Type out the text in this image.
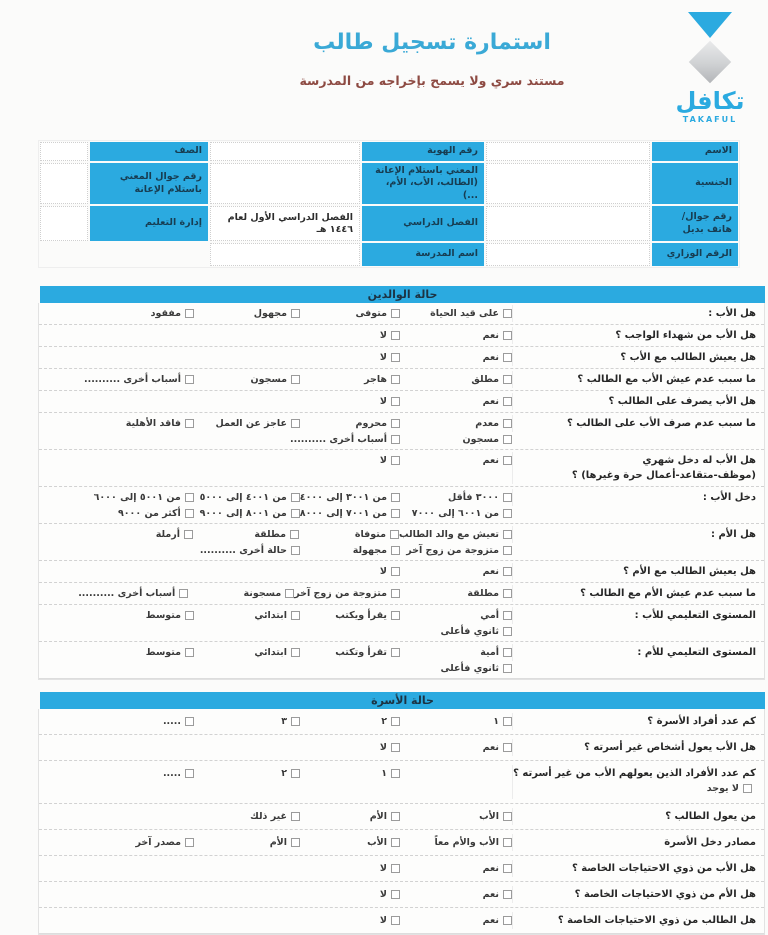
تكافل
TAKAFUL
استمارة تسجيل طالب
مستند سري ولا يسمح بإخراجه من المدرسة
الاسم
رقم الهوية
الصف
الجنسية
المعني باستلام الإعانة (الطالب، الأب، الأم، ...)
رقم جوال المعني باستلام الإعانة
رقم جوال/هاتف بديل
الفصل الدراسي
الفصل الدراسي الأول لعام ١٤٤٦ هـ
إدارة التعليم
الرقم الوزاري
اسم المدرسة
حالة الوالدين
هل الأب :
على قيد الحياة
متوفى
مجهول
مفقود
هل الأب من شهداء الواجب ؟
نعم
لا

هل يعيش الطالب مع الأب ؟
نعم
لا

ما سبب عدم عيش الأب مع الطالب ؟
مطلق
هاجر
مسجون
أسباب أخرى ..........
هل الأب يصرف على الطالب ؟
نعم
لا

ما سبب عدم صرف الأب على الطالب ؟
معدم
محروم
عاجز عن العمل
فاقد الأهلية
مسجون
أسباب أخرى ..........

هل الأب له دخل شهري
(موظف-متقاعد-أعمال حرة وغيرها) ؟
نعم
لا

دخل الأب :
٣٠٠٠ فأقل
من ٣٠٠١ إلى ٤٠٠٠
من ٤٠٠١ إلى ٥٠٠٠
من ٥٠٠١ إلى ٦٠٠٠
من ٦٠٠١ إلى ٧٠٠٠
من ٧٠٠١ إلى ٨٠٠٠
من ٨٠٠١ إلى ٩٠٠٠
أكثر من ٩٠٠٠
هل الأم :
تعيش مع والد الطالب
متوفاة
مطلقة
أرملة
متزوجة من زوج آخر
مجهولة
حالة أخرى ..........

هل يعيش الطالب مع الأم ؟
نعم
لا

ما سبب عدم عيش الأم مع الطالب ؟
مطلقة
متزوجة من زوج آخر
مسجونة
أسباب أخرى ..........
المستوى التعليمي للأب :
أمي
يقرأ ويكتب
ابتدائي
متوسط
ثانوي فأعلى

المستوى التعليمي للأم :
أمية
تقرأ وتكتب
ابتدائي
متوسط
ثانوي فأعلى

حالة الأسرة
كم عدد أفراد الأسرة ؟
١
٢
٣
.....
هل الأب يعول أشخاص غير أسرته ؟
نعم
لا

كم عدد الأفراد الذين يعولهم الأب من غير أسرته ؟
لا يوجد

١
٢
.....
من يعول الطالب ؟
الأب
الأم
غير ذلك

مصادر دخل الأسرة
الأب والأم معاً
الأب
الأم
مصدر آخر
هل الأب من ذوي الاحتياجات الخاصة ؟
نعم
لا

هل الأم من ذوي الاحتياجات الخاصة ؟
نعم
لا

هل الطالب من ذوي الاحتياجات الخاصة ؟
نعم
لا
